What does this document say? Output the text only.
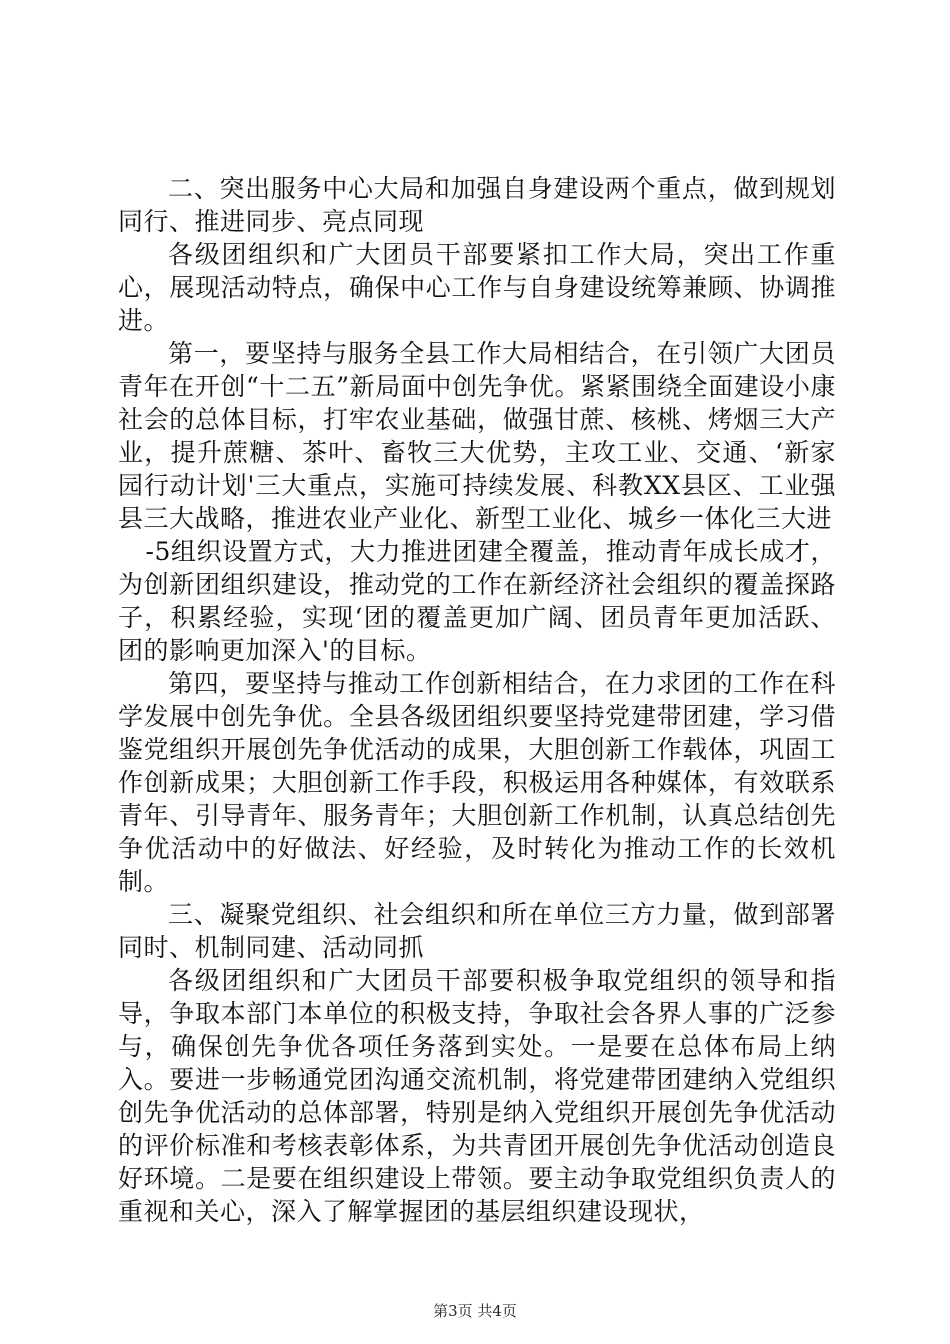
二、突出服务中心大局和加强自身建设两个重点，做到规划同行、推进同步、亮点同现

各级团组织和广大团员干部要紧扣工作大局，突出工作重心，展现活动特点，确保中心工作与自身建设统筹兼顾、协调推进。

第一，要坚持与服务全县工作大局相结合，在引领广大团员青年在开创“十二五”新局面中创先争优。紧紧围绕全面建设小康社会的总体目标，打牢农业基础，做强甘蔗、核桃、烤烟三大产业，提升蔗糖、茶叶、畜牧三大优势，主攻工业、交通、‘新家园行动计划'三大重点，实施可持续发展、科教XX县区、工业强县三大战略，推进农业产业化、新型工业化、城乡一体化三大进

-5组织设置方式，大力推进团建全覆盖，推动青年成长成才，为创新团组织建设，推动党的工作在新经济社会组织的覆盖探路子，积累经验，实现‘团的覆盖更加广阔、团员青年更加活跃、团的影响更加深入'的目标。

第四，要坚持与推动工作创新相结合，在力求团的工作在科学发展中创先争优。全县各级团组织要坚持党建带团建，学习借鉴党组织开展创先争优活动的成果，大胆创新工作载体，巩固工作创新成果；大胆创新工作手段，积极运用各种媒体，有效联系青年、引导青年、服务青年；大胆创新工作机制，认真总结创先争优活动中的好做法、好经验，及时转化为推动工作的长效机制。

三、凝聚党组织、社会组织和所在单位三方力量，做到部署同时、机制同建、活动同抓

各级团组织和广大团员干部要积极争取党组织的领导和指导，争取本部门本单位的积极支持，争取社会各界人事的广泛参与，确保创先争优各项任务落到实处。一是要在总体布局上纳入。要进一步畅通党团沟通交流机制，将党建带团建纳入党组织创先争优活动的总体部署，特别是纳入党组织开展创先争优活动的评价标准和考核表彰体系，为共青团开展创先争优活动创造良好环境。二是要在组织建设上带领。要主动争取党组织负责人的重视和关心，深入了解掌握团的基层组织建设现状，

第3页 共4页
